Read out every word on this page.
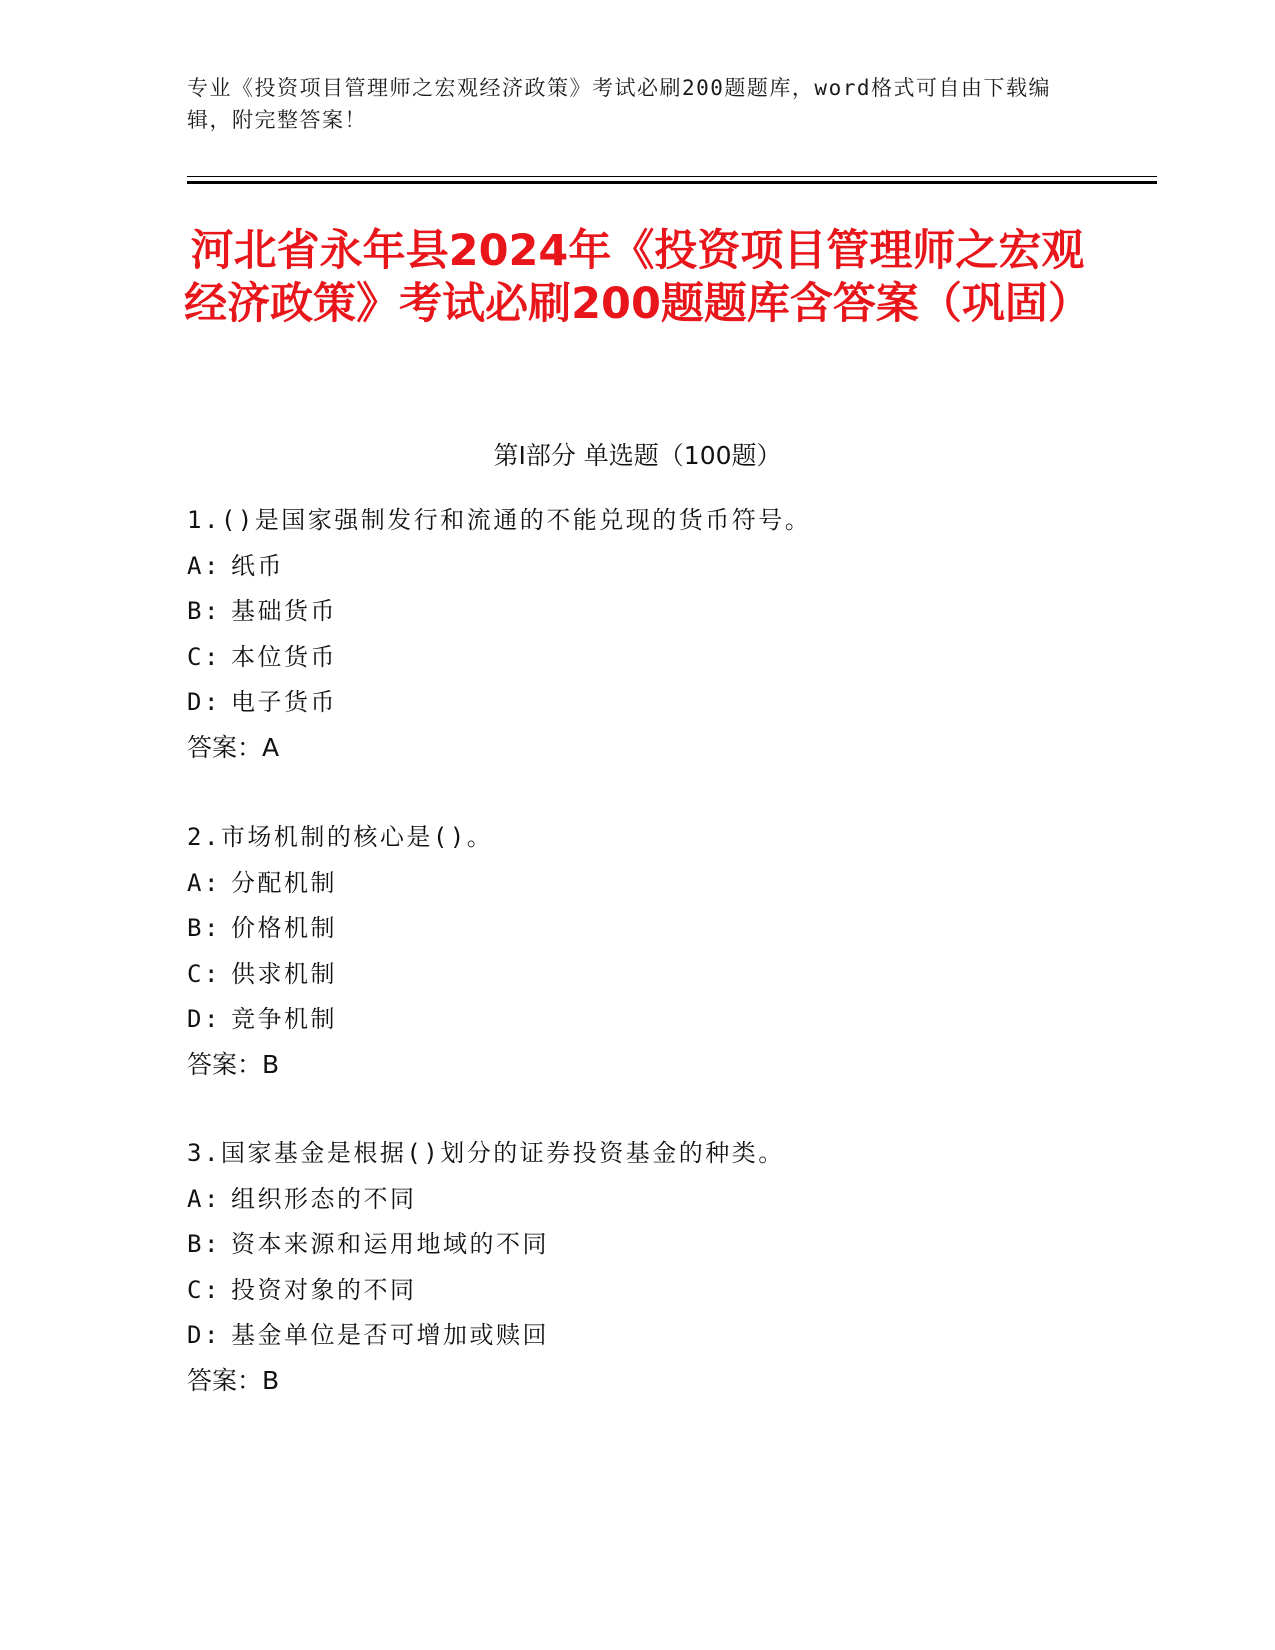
专业《投资项目管理师之宏观经济政策》考试必刷200题题库，word格式可自由下载编辑，附完整答案！
河北省永年县2024年《投资项目管理师之宏观经济政策》考试必刷200题题库含答案（巩固）
第Ⅰ部分 单选题（100题）
1.()是国家强制发行和流通的不能兑现的货币符号。
A: 纸币
B: 基础货币
C: 本位货币
D: 电子货币
答案：A
2.市场机制的核心是()。
A: 分配机制
B: 价格机制
C: 供求机制
D: 竞争机制
答案：B
3.国家基金是根据()划分的证券投资基金的种类。
A: 组织形态的不同
B: 资本来源和运用地域的不同
C: 投资对象的不同
D: 基金单位是否可增加或赎回
答案：B
